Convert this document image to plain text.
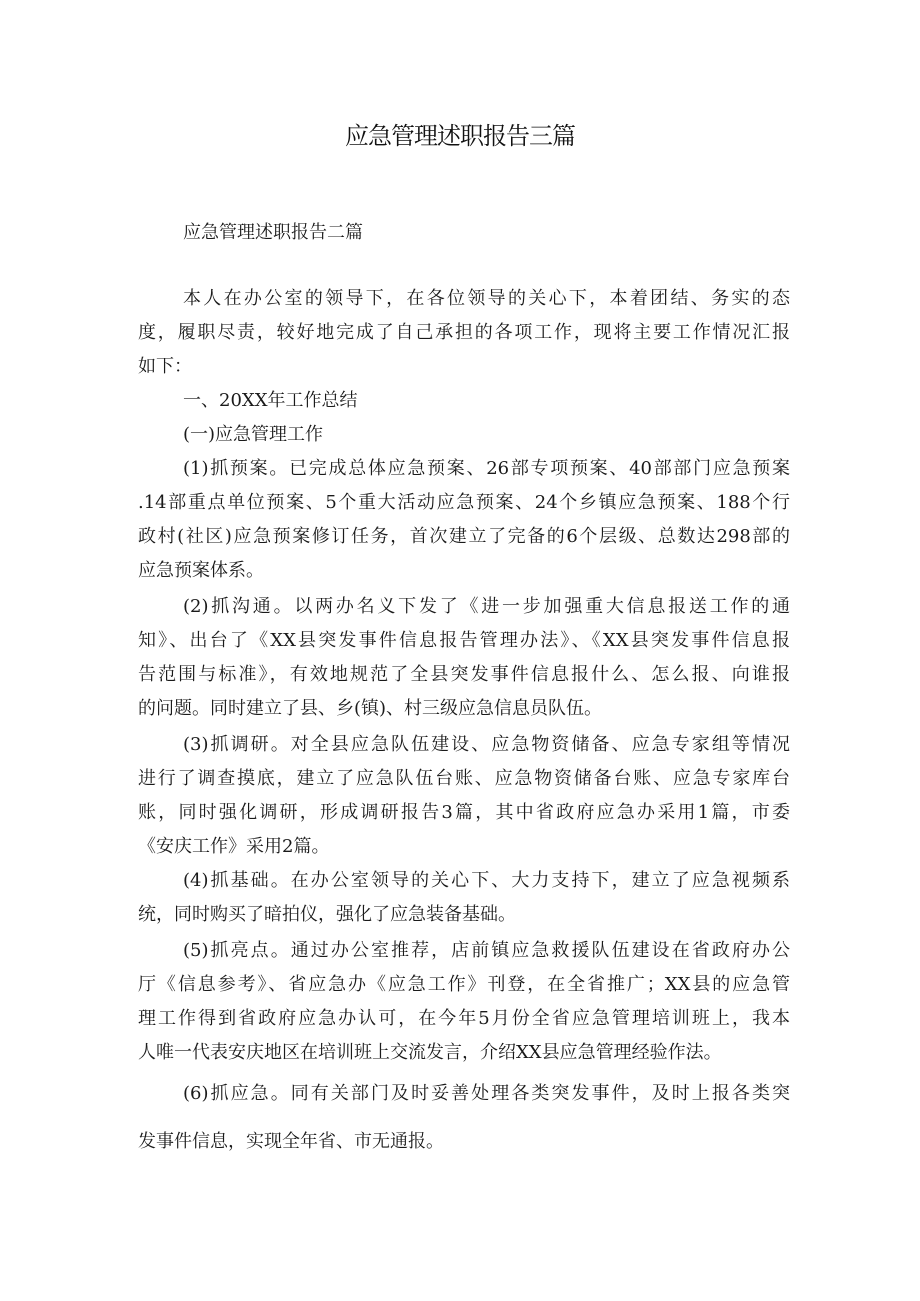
应急管理述职报告三篇
应急管理述职报告二篇
本人在办公室的领导下，在各位领导的关心下，本着团结、务实的态
度，履职尽责，较好地完成了自己承担的各项工作，现将主要工作情况汇报
如下：
一、20XX年工作总结
(一)应急管理工作
(1)抓预案。已完成总体应急预案、26部专项预案、40部部门应急预案
.14部重点单位预案、5个重大活动应急预案、24个乡镇应急预案、188个行
政村(社区)应急预案修订任务，首次建立了完备的6个层级、总数达298部的
应急预案体系。
(2)抓沟通。以两办名义下发了《进一步加强重大信息报送工作的通
知》、出台了《XX县突发事件信息报告管理办法》、《XX县突发事件信息报
告范围与标准》，有效地规范了全县突发事件信息报什么、怎么报、向谁报
的问题。同时建立了县、乡(镇)、村三级应急信息员队伍。
(3)抓调研。对全县应急队伍建设、应急物资储备、应急专家组等情况
进行了调查摸底，建立了应急队伍台账、应急物资储备台账、应急专家库台
账，同时强化调研，形成调研报告3篇，其中省政府应急办采用1篇，市委
《安庆工作》采用2篇。
(4)抓基础。在办公室领导的关心下、大力支持下，建立了应急视频系
统，同时购买了暗拍仪，强化了应急装备基础。
(5)抓亮点。通过办公室推荐，店前镇应急救援队伍建设在省政府办公
厅《信息参考》、省应急办《应急工作》刊登，在全省推广；XX县的应急管
理工作得到省政府应急办认可，在今年5月份全省应急管理培训班上，我本
人唯一代表安庆地区在培训班上交流发言，介绍XX县应急管理经验作法。
(6)抓应急。同有关部门及时妥善处理各类突发事件，及时上报各类突
发事件信息，实现全年省、市无通报。
